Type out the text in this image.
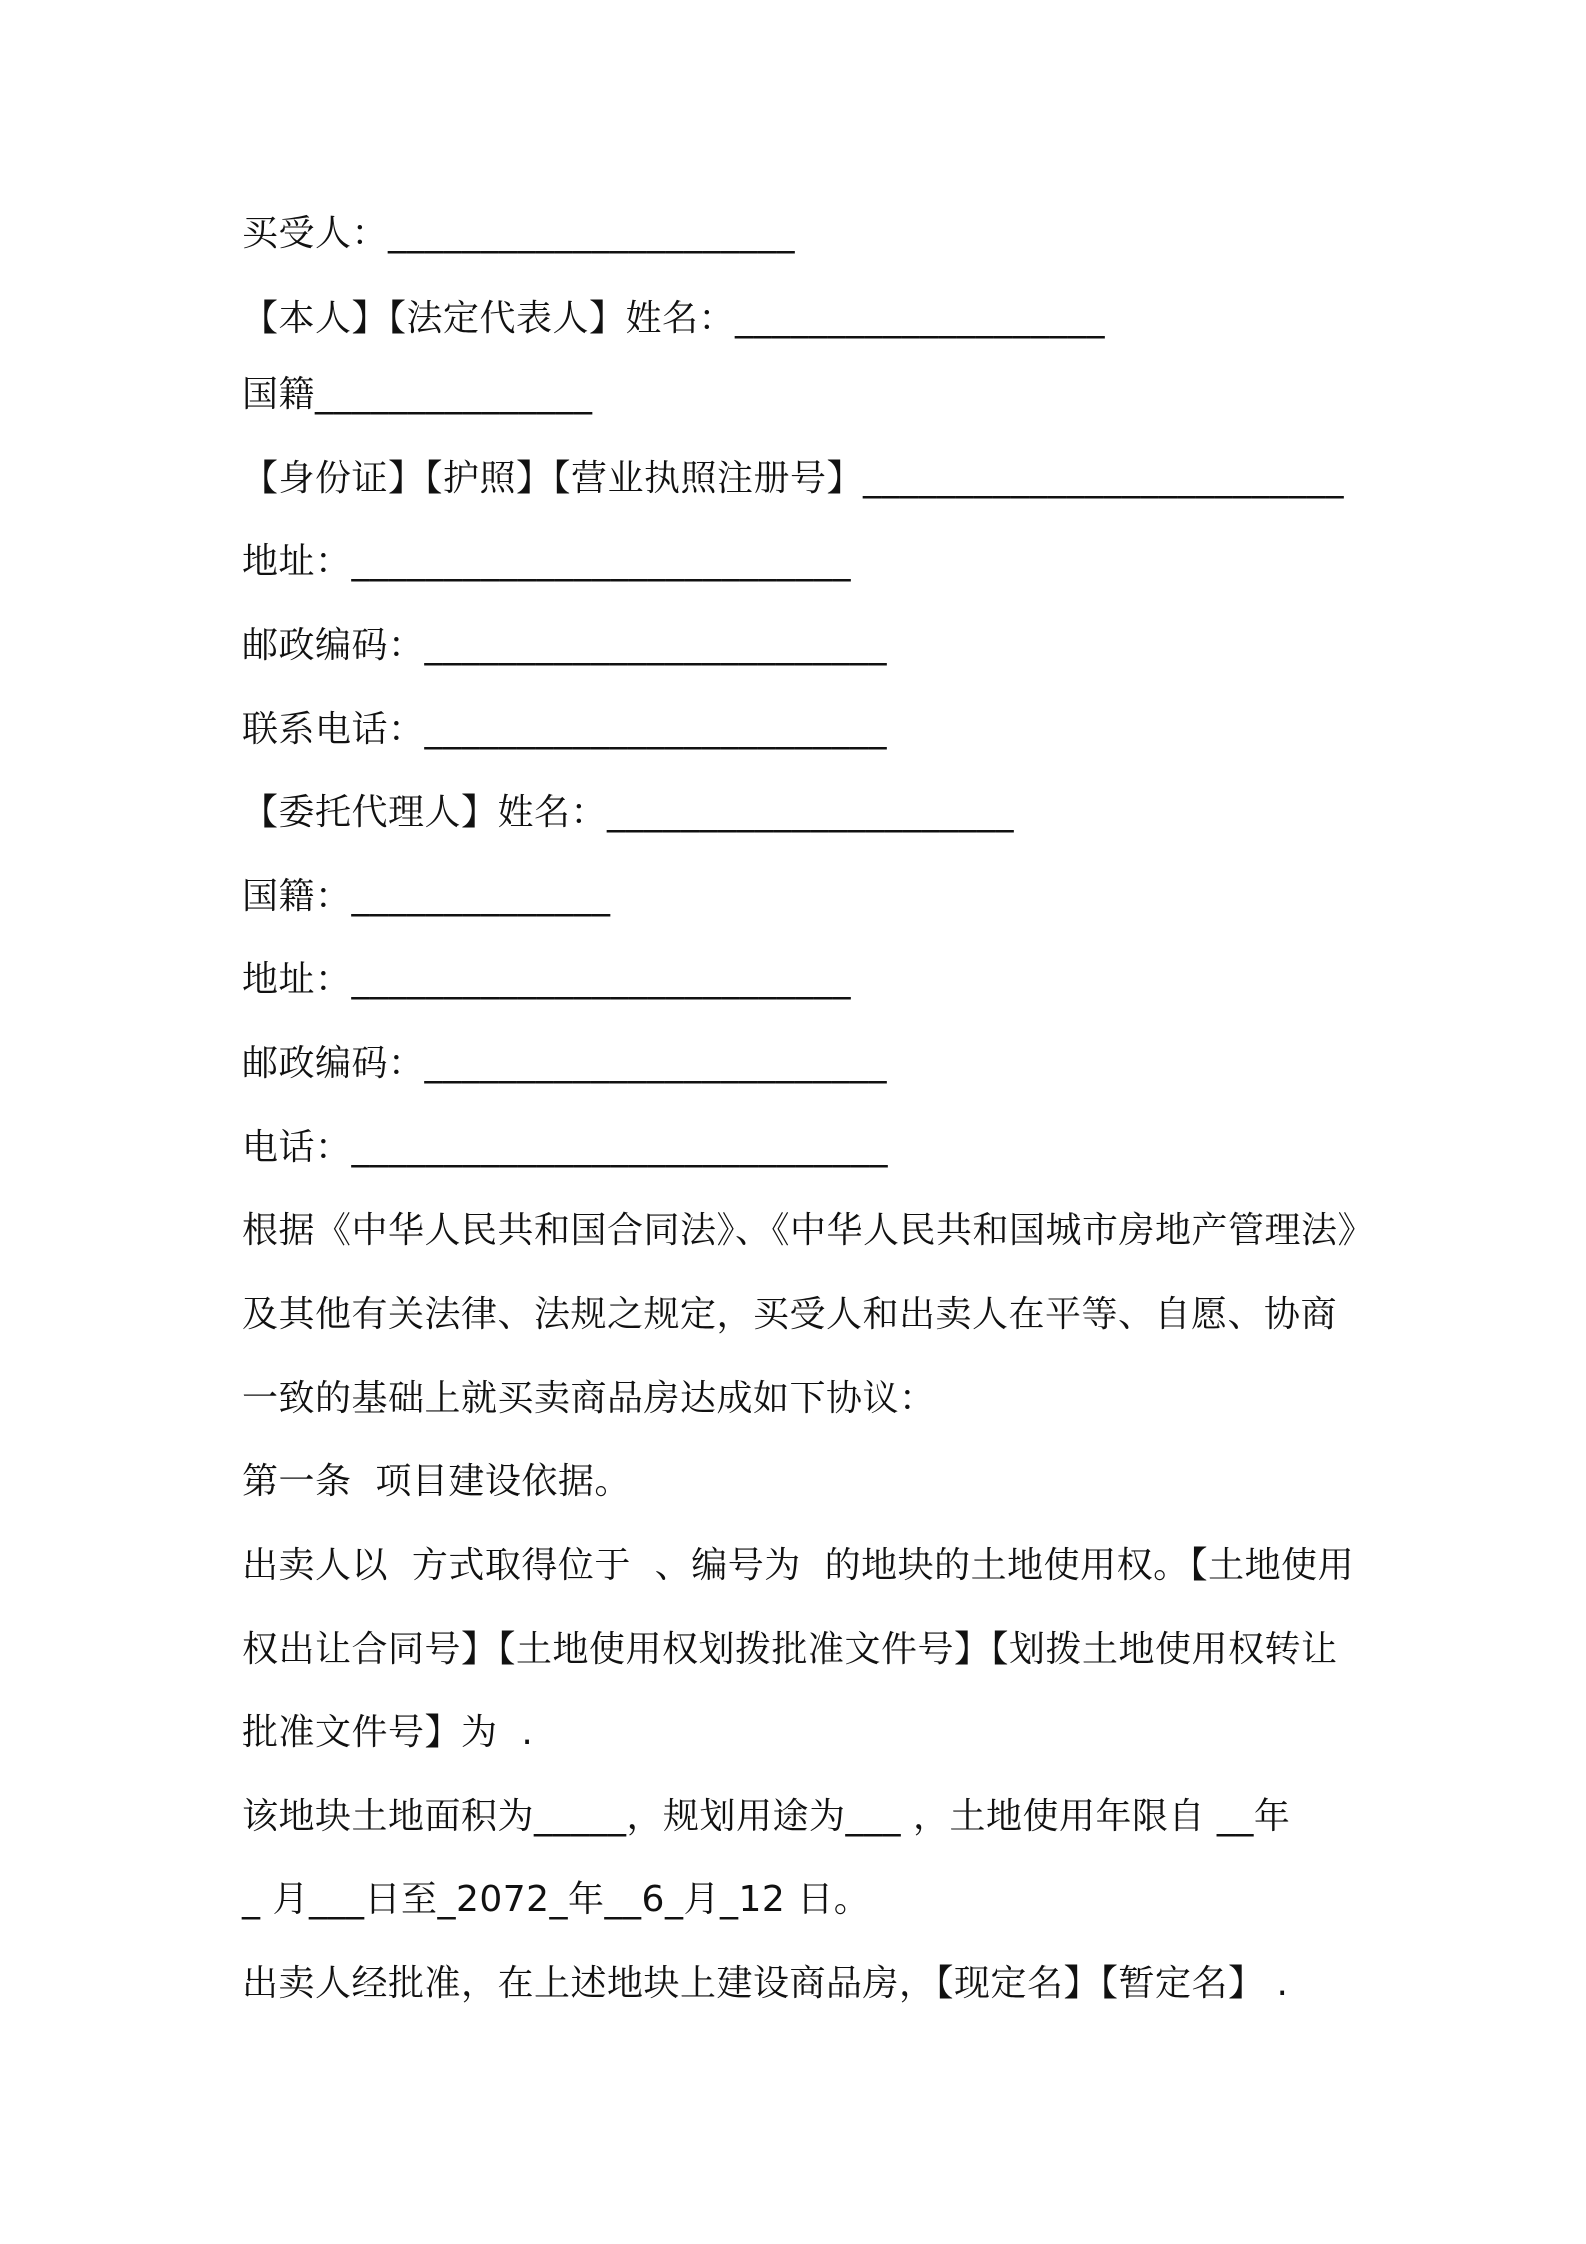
买受人：______________________
【本人】【法定代表人】姓名：____________________
国籍_______________
【身份证】【护照】【营业执照注册号】__________________________
地址：___________________________
邮政编码：_________________________
联系电话：_________________________
【委托代理人】姓名：______________________
国籍：______________
地址：___________________________
邮政编码：_________________________
电话：_____________________________
根据《中华人民共和国合同法》、《中华人民共和国城市房地产管理法》
及其他有关法律、法规之规定，买受人和出卖人在平等、自愿、协商
一致的基础上就买卖商品房达成如下协议：
第一条  项目建设依据。
出卖人以  方式取得位于  、编号为  的地块的土地使用权。【土地使用
权出让合同号】【土地使用权划拨批准文件号】【划拨土地使用权转让
批准文件号】为  .
该地块土地面积为_____，规划用途为___ ，土地使用年限自 __年
_ 月___日至_2072_年__6_月_12 日。
出卖人经批准，在上述地块上建设商品房，【现定名】【暂定名】 .
